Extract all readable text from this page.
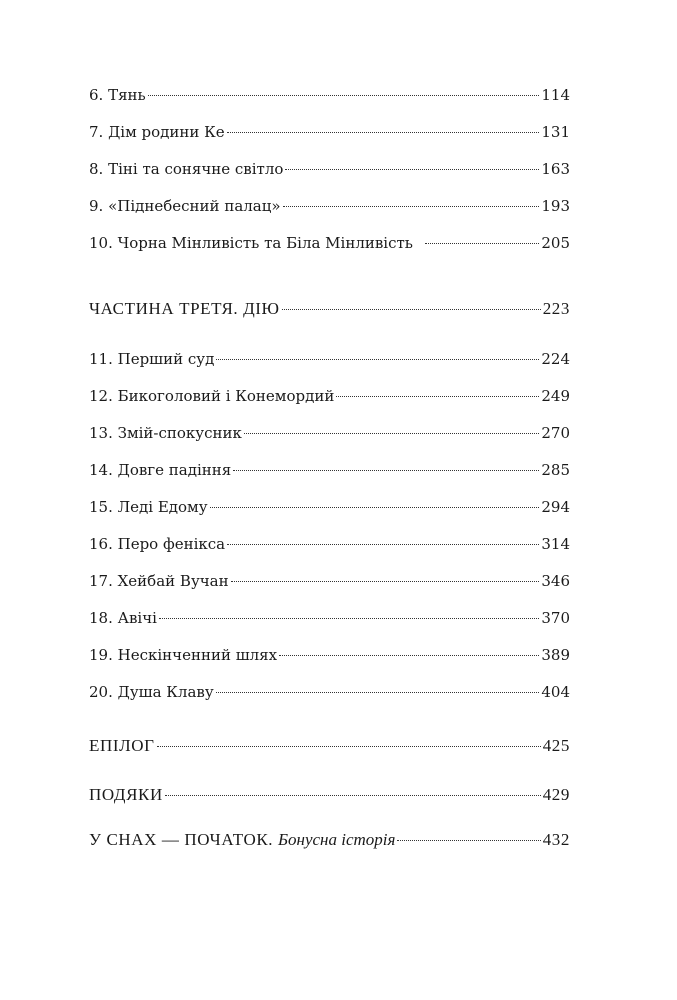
6. Тянь	114
7. Дім родини Ке	131
8. Тіні та сонячне світло	163
9. «Піднебесний палац»	193
10. Чорна Мінливість та Біла Мінливість	205
ЧАСТИНА ТРЕТЯ. ДІЮ	223
11. Перший суд	224
12. Бикоголовий і Конемордий	249
13. Змій-спокусник	270
14. Довге падіння	285
15. Леді Едому	294
16. Перо фенікса	314
17. Хейбай Вучан	346
18. Авічі	370
19. Нескінченний шлях	389
20. Душа Клаву	404
ЕПІЛОГ	425
ПОДЯКИ	429
У СНАХ — ПОЧАТОК. Бонусна історія	432
